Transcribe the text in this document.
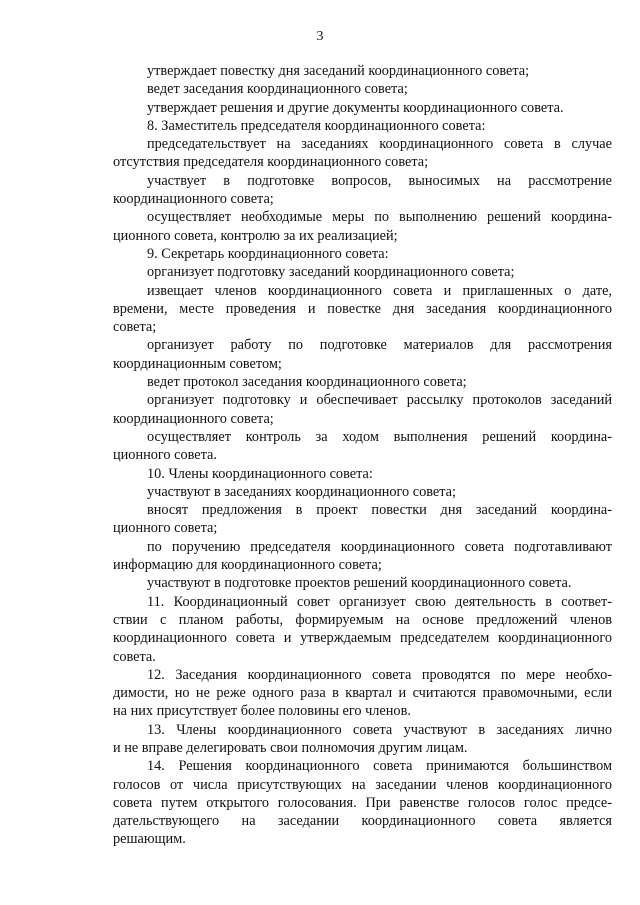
3
утверждает повестку дня заседаний координационного совета;
ведет заседания координационного совета;
утверждает решения и другие документы координационного совета.
8. Заместитель председателя координационного совета:
председательствует на заседаниях координационного совета в случае
отсутствия председателя координационного совета;
участвует в подготовке вопросов, выносимых на рассмотрение
координационного совета;
осуществляет необходимые меры по выполнению решений координа-
ционного совета, контролю за их реализацией;
9. Секретарь координационного совета:
организует подготовку заседаний координационного совета;
извещает членов координационного совета и приглашенных о дате,
времени, месте проведения и повестке дня заседания координационного
совета;
организует работу по подготовке материалов для рассмотрения
координационным советом;
ведет протокол заседания координационного совета;
организует подготовку и обеспечивает рассылку протоколов заседаний
координационного совета;
осуществляет контроль за ходом выполнения решений координа-
ционного совета.
10. Члены координационного совета:
участвуют в заседаниях координационного совета;
вносят предложения в проект повестки дня заседаний координа-
ционного совета;
по поручению председателя координационного совета подготавливают
информацию для координационного совета;
участвуют в подготовке проектов решений координационного совета.
11. Координационный совет организует свою деятельность в соответ-
ствии с планом работы, формируемым на основе предложений членов
координационного совета и утверждаемым председателем координационного
совета.
12. Заседания координационного совета проводятся по мере необхо-
димости, но не реже одного раза в квартал и считаются правомочными, если
на них присутствует более половины его членов.
13. Члены координационного совета участвуют в заседаниях лично
и не вправе делегировать свои полномочия другим лицам.
14. Решения координационного совета принимаются большинством
голосов от числа присутствующих на заседании членов координационного
совета путем открытого голосования. При равенстве голосов голос предсе-
дательствующего на заседании координационного совета является
решающим.
